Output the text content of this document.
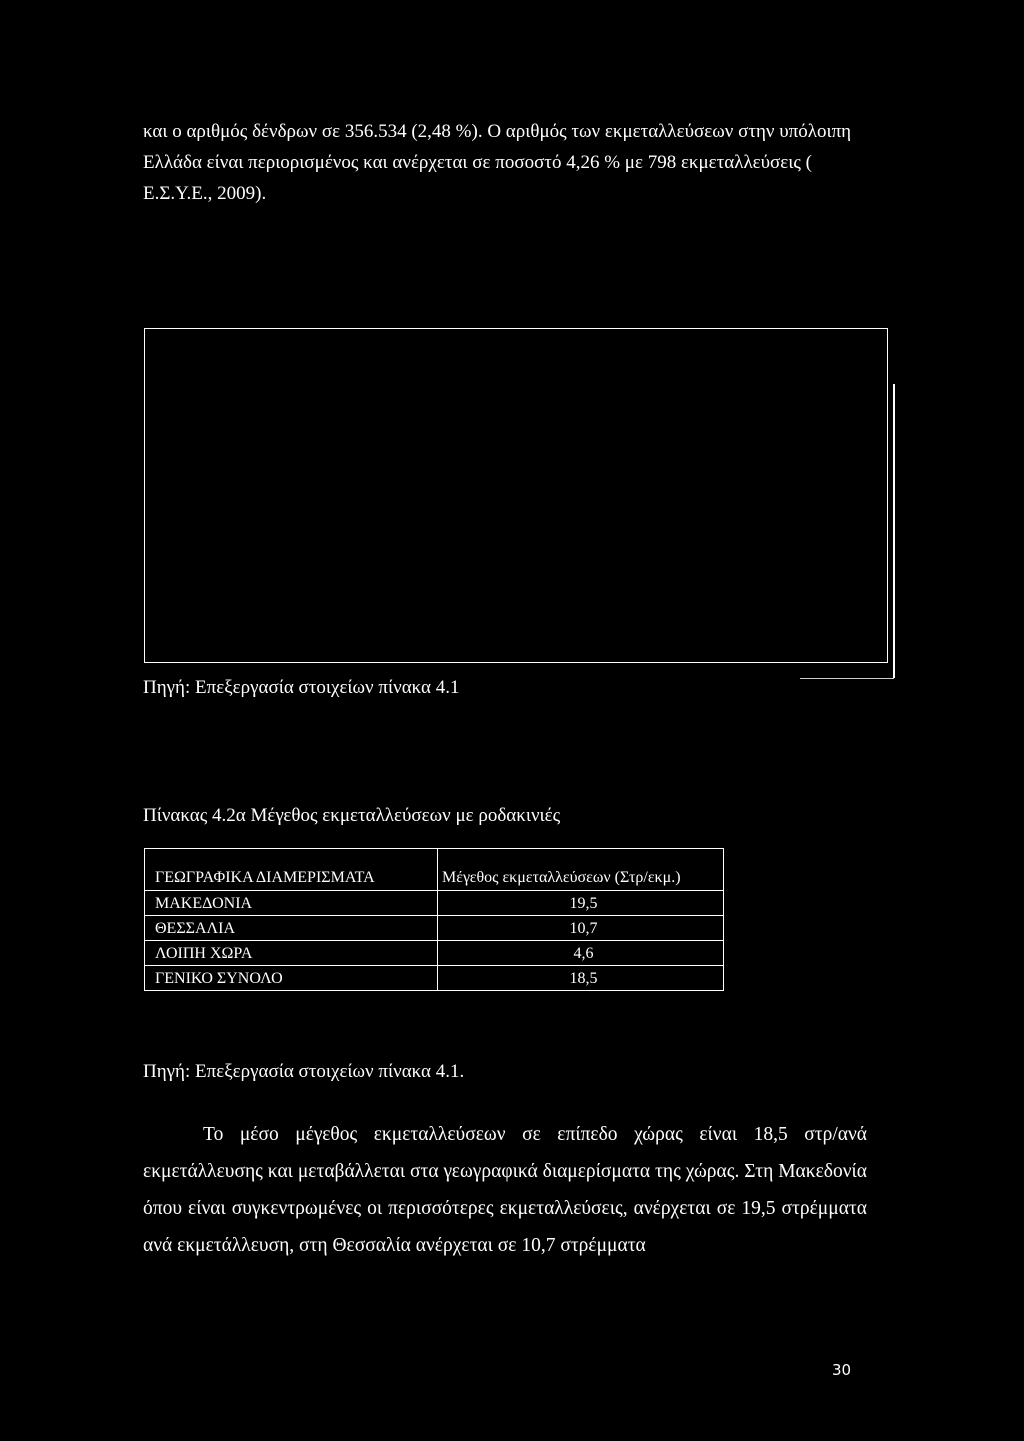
και ο αριθμός δένδρων σε 356.534 (2,48 %). Ο αριθμός των εκμεταλλεύσεων στην υπόλοιπη Ελλάδα είναι περιορισμένος και ανέρχεται σε ποσοστό 4,26 % με 798 εκμεταλλεύσεις ( Ε.Σ.Υ.Ε., 2009).

Πηγή: Επεξεργασία στοιχείων πίνακα 4.1

Πίνακας 4.2α Μέγεθος εκμεταλλεύσεων με ροδακινιές

ΓΕΩΓΡΑΦΙΚΑ ΔΙΑΜΕΡΙΣΜΑΤΑ	Μέγεθος εκμεταλλεύσεων (Στρ/εκμ.)
ΜΑΚΕΔΟΝΙΑ	19,5
ΘΕΣΣΑΛΙΑ	10,7
ΛΟΙΠΗ ΧΩΡΑ	4,6
ΓΕΝΙΚΟ ΣΥΝΟΛΟ	18,5

Πηγή: Επεξεργασία στοιχείων πίνακα 4.1.

Το μέσο μέγεθος εκμεταλλεύσεων σε επίπεδο χώρας είναι 18,5 στρ/ανά εκμετάλλευσης και μεταβάλλεται στα γεωγραφικά διαμερίσματα της χώρας. Στη Μακεδονία όπου είναι συγκεντρωμένες οι περισσότερες εκμεταλλεύσεις, ανέρχεται σε 19,5 στρέμματα ανά εκμετάλλευση, στη Θεσσαλία ανέρχεται σε 10,7 στρέμματα

30
